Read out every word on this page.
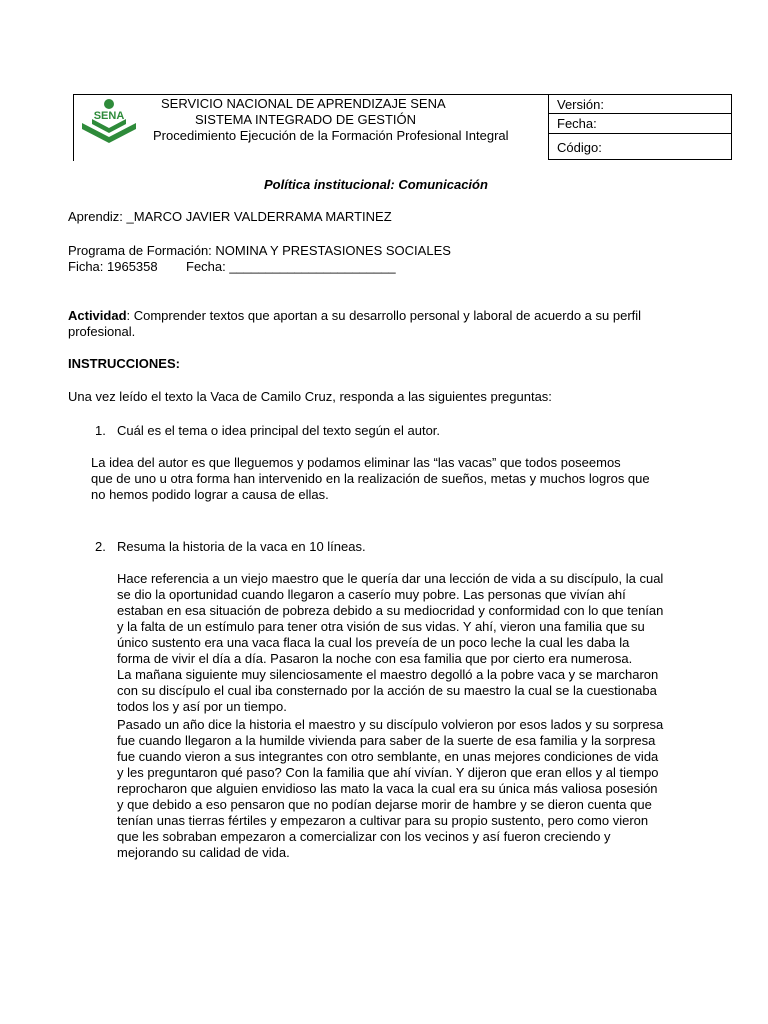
SENA
SERVICIO NACIONAL DE APRENDIZAJE SENA
SISTEMA INTEGRADO DE GESTIÓN
Procedimiento Ejecución de la Formación Profesional Integral
Versión:
Fecha:
Código:
Política institucional: Comunicación
Aprendiz: _MARCO JAVIER VALDERRAMA MARTINEZ
Programa de Formación: NOMINA Y PRESTASIONES SOCIALES
Ficha: 1965358 Fecha: _______________________
Actividad: Comprender textos que aportan a su desarrollo personal y laboral de acuerdo a su perfil
profesional.
INSTRUCCIONES:
Una vez leído el texto la Vaca de Camilo Cruz, responda a las siguientes preguntas:
1. Cuál es el tema o idea principal del texto según el autor.
La idea del autor es que lleguemos y podamos eliminar las “las vacas” que todos poseemos
que de uno u otra forma han intervenido en la realización de sueños, metas y muchos logros que
no hemos podido lograr a causa de ellas.
2. Resuma la historia de la vaca en 10 líneas.
Hace referencia a un viejo maestro que le quería dar una lección de vida a su discípulo, la cual
se dio la oportunidad cuando llegaron a caserío muy pobre. Las personas que vivían ahí
estaban en esa situación de pobreza debido a su mediocridad y conformidad con lo que tenían
y la falta de un estímulo para tener otra visión de sus vidas. Y ahí, vieron una familia que su
único sustento era una vaca flaca la cual los preveía de un poco leche la cual les daba la
forma de vivir el día a día. Pasaron la noche con esa familia que por cierto era numerosa.
La mañana siguiente muy silenciosamente el maestro degolló a la pobre vaca y se marcharon
con su discípulo el cual iba consternado por la acción de su maestro la cual se la cuestionaba
todos los y así por un tiempo.
Pasado un año dice la historia el maestro y su discípulo volvieron por esos lados y su sorpresa
fue cuando llegaron a la humilde vivienda para saber de la suerte de esa familia y la sorpresa
fue cuando vieron a sus integrantes con otro semblante, en unas mejores condiciones de vida
y les preguntaron qué paso? Con la familia que ahí vivían. Y dijeron que eran ellos y al tiempo
reprocharon que alguien envidioso las mato la vaca la cual era su única más valiosa posesión
y que debido a eso pensaron que no podían dejarse morir de hambre y se dieron cuenta que
tenían unas tierras fértiles y empezaron a cultivar para su propio sustento, pero como vieron
que les sobraban empezaron a comercializar con los vecinos y así fueron creciendo y
mejorando su calidad de vida.
